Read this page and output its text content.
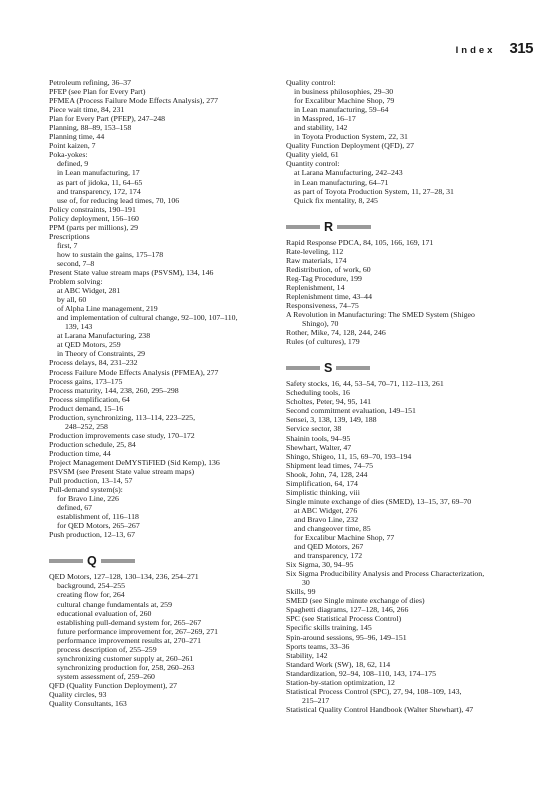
Index 315
Petroleum refining, 36–37
PFEP (see Plan for Every Part)
PFMEA (Process Failure Mode Effects Analysis), 277
Piece wait time, 84, 231
Plan for Every Part (PFEP), 247–248
Planning, 88–89, 153–158
Planning time, 44
Point kaizen, 7
Poka-yokes:
defined, 9
in Lean manufacturing, 17
as part of jidoka, 11, 64–65
and transparency, 172, 174
use of, for reducing lead times, 70, 106
Policy constraints, 190–191
Policy deployment, 156–160
PPM (parts per millions), 29
Prescriptions
first, 7
how to sustain the gains, 175–178
second, 7–8
Present State value stream maps (PSVSM), 134, 146
Problem solving:
at ABC Widget, 281
by all, 60
of Alpha Line management, 219
and implementation of cultural change, 92–100, 107–110,
139, 143
at Larana Manufacturing, 238
at QED Motors, 259
in Theory of Constraints, 29
Process delays, 84, 231–232
Process Failure Mode Effects Analysis (PFMEA), 277
Process gains, 173–175
Process maturity, 144, 238, 260, 295–298
Process simplification, 64
Product demand, 15–16
Production, synchronizing, 113–114, 223–225,
248–252, 258
Production improvements case study, 170–172
Production schedule, 25, 84
Production time, 44
Project Management DeMYSTiFIED (Sid Kemp), 136
PSVSM (see Present State value stream maps)
Pull production, 13–14, 57
Pull-demand system(s):
for Bravo Line, 226
defined, 67
establishment of, 116–118
for QED Motors, 265–267
Push production, 12–13, 67
Q
QED Motors, 127–128, 130–134, 236, 254–271
background, 254–255
creating flow for, 264
cultural change fundamentals at, 259
educational evaluation of, 260
establishing pull-demand system for, 265–267
future performance improvement for, 267–269, 271
performance improvement results at, 270–271
process description of, 255–259
synchronizing customer supply at, 260–261
synchronizing production for, 258, 260–263
system assessment of, 259–260
QFD (Quality Function Deployment), 27
Quality circles, 93
Quality Consultants, 163
Quality control:
in business philosophies, 29–30
for Excalibur Machine Shop, 79
in Lean manufacturing, 59–64
in Masspred, 16–17
and stability, 142
in Toyota Production System, 22, 31
Quality Function Deployment (QFD), 27
Quality yield, 61
Quantity control:
at Larana Manufacturing, 242–243
in Lean manufacturing, 64–71
as part of Toyota Production System, 11, 27–28, 31
Quick fix mentality, 8, 245
R
Rapid Response PDCA, 84, 105, 166, 169, 171
Rate-leveling, 112
Raw materials, 174
Redistribution, of work, 60
Reg-Tag Procedure, 199
Replenishment, 14
Replenishment time, 43–44
Responsiveness, 74–75
A Revolution in Manufacturing: The SMED System (Shigeo
Shingo), 70
Rother, Mike, 74, 128, 244, 246
Rules (of cultures), 179
S
Safety stocks, 16, 44, 53–54, 70–71, 112–113, 261
Scheduling tools, 16
Scholtes, Peter, 94, 95, 141
Second commitment evaluation, 149–151
Sensei, 3, 138, 139, 149, 188
Service sector, 38
Shainin tools, 94–95
Shewhart, Walter, 47
Shingo, Shigeo, 11, 15, 69–70, 193–194
Shipment lead times, 74–75
Shook, John, 74, 128, 244
Simplification, 64, 174
Simplistic thinking, viii
Single minute exchange of dies (SMED), 13–15, 37, 69–70
at ABC Widget, 276
and Bravo Line, 232
and changeover time, 85
for Excalibur Machine Shop, 77
and QED Motors, 267
and transparency, 172
Six Sigma, 30, 94–95
Six Sigma Producibility Analysis and Process Characterization,
30
Skills, 99
SMED (see Single minute exchange of dies)
Spaghetti diagrams, 127–128, 146, 266
SPC (see Statistical Process Control)
Specific skills training, 145
Spin-around sessions, 95–96, 149–151
Sports teams, 33–36
Stability, 142
Standard Work (SW), 18, 62, 114
Standardization, 92–94, 108–110, 143, 174–175
Station-by-station optimization, 12
Statistical Process Control (SPC), 27, 94, 108–109, 143,
215–217
Statistical Quality Control Handbook (Walter Shewhart), 47
